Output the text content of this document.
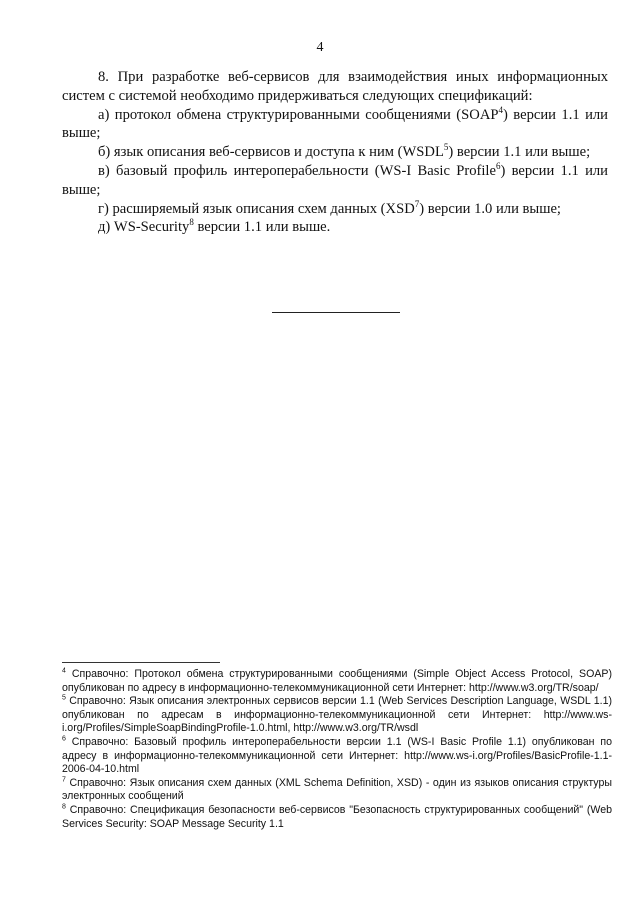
4

8. При разработке веб-сервисов для взаимодействия иных информационных систем с системой необходимо придерживаться следующих спецификаций:

а) протокол обмена структурированными сообщениями (SOAP$^4$) версии 1.1 или выше;

б) язык описания веб-сервисов и доступа к ним (WSDL$^5$) версии 1.1 или выше;

в) базовый профиль интероперабельности (WS-I Basic Profile$^6$) версии 1.1 или выше;

г) расширяемый язык описания схем данных (XSD$^7$) версии 1.0 или выше;

д) WS-Security$^8$ версии 1.1 или выше.

$^4$ Справочно: Протокол обмена структурированными сообщениями (Simple Object Access Protocol, SOAP) опубликован по адресу в информационно-телекоммуникационной сети Интернет: http://www.w3.org/TR/soap/

$^5$ Справочно: Язык описания электронных сервисов версии 1.1 (Web Services Description Language, WSDL 1.1) опубликован по адресам в информационно-телекоммуникационной сети Интернет: http://www.ws-i.org/Profiles/SimpleSoapBindingProfile-1.0.html, http://www.w3.org/TR/wsdl

$^6$ Справочно: Базовый профиль интероперабельности версии 1.1 (WS-I Basic Profile 1.1) опубликован по адресу в информационно-телекоммуникационной сети Интернет: http://www.ws-i.org/Profiles/BasicProfile-1.1-2006-04-10.html

$^7$ Справочно: Язык описания схем данных (XML Schema Definition, XSD) - один из языков описания структуры электронных сообщений

$^8$ Справочно: Спецификация безопасности веб-сервисов "Безопасность структурированных сообщений" (Web Services Security: SOAP Message Security 1.1
